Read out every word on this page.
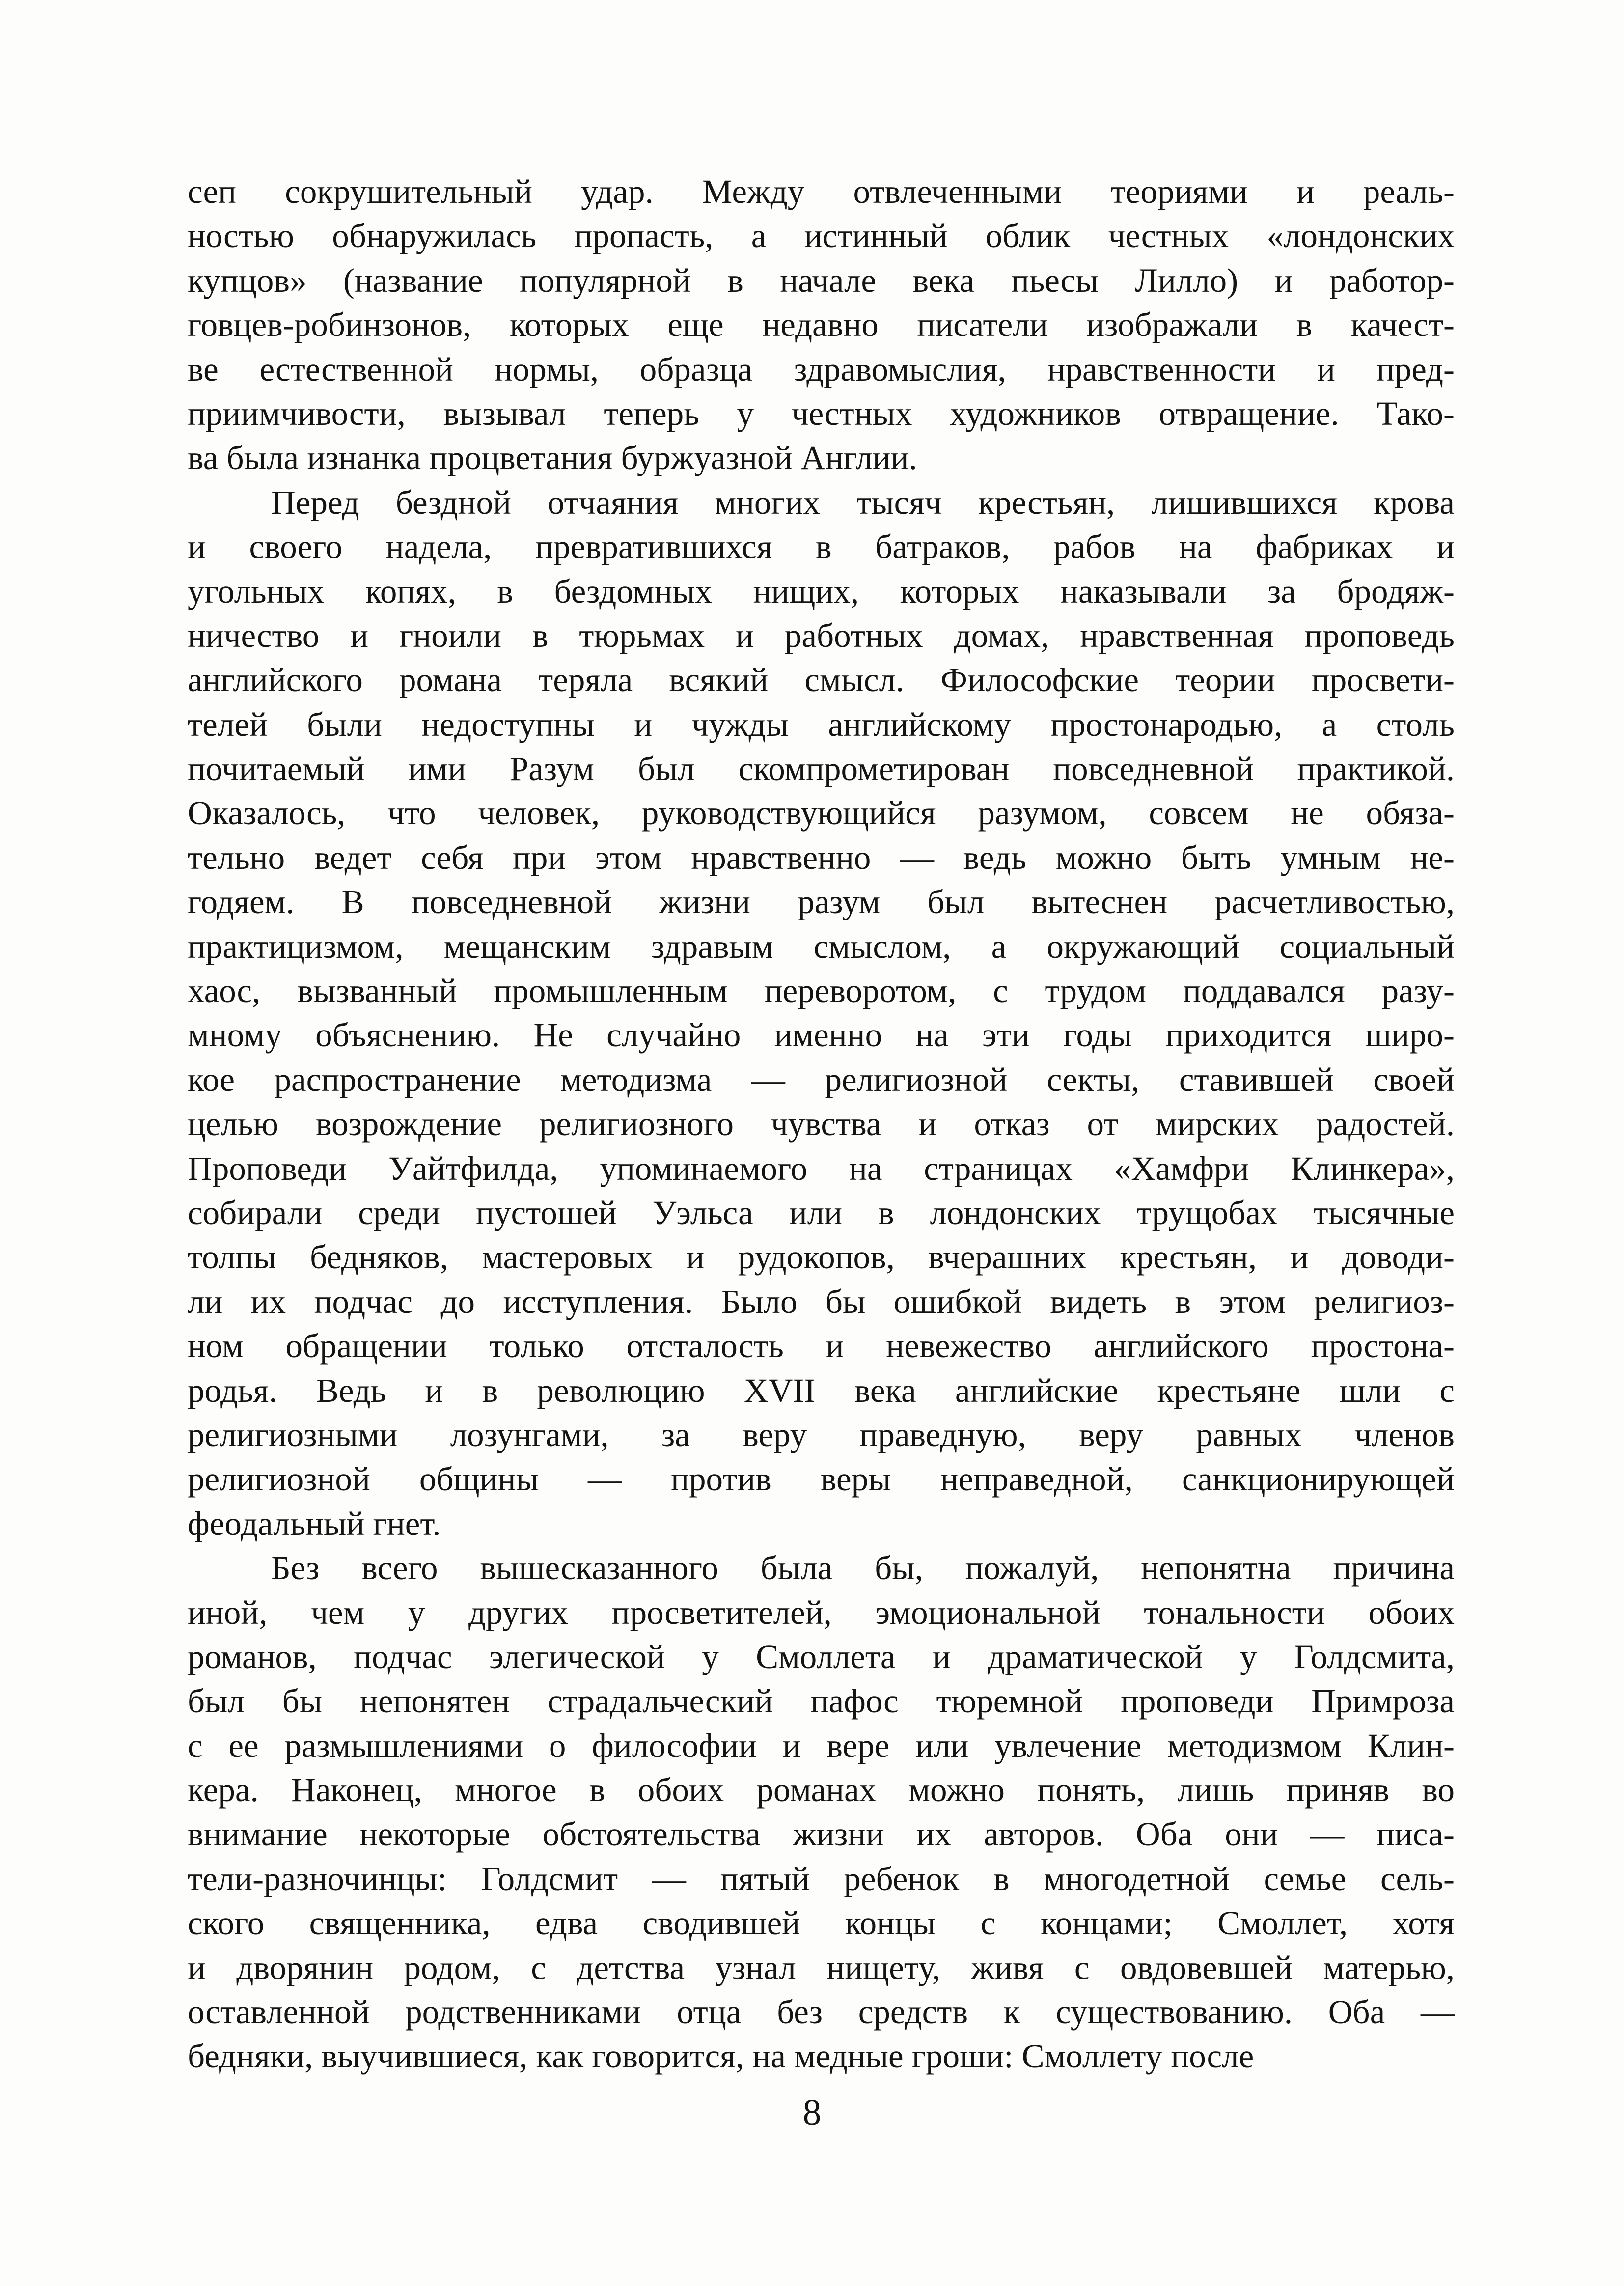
сеп сокрушительный удар. Между отвлеченными теориями и реаль-
ностью обнаружилась пропасть, а истинный облик честных «лондонских
купцов» (название популярной в начале века пьесы Лилло) и работор-
говцев-робинзонов, которых еще недавно писатели изображали в качест-
ве естественной нормы, образца здравомыслия, нравственности и пред-
приимчивости, вызывал теперь у честных художников отвращение. Тако-
ва была изнанка процветания буржуазной Англии.
Перед бездной отчаяния многих тысяч крестьян, лишившихся крова
и своего надела, превратившихся в батраков, рабов на фабриках и
угольных копях, в бездомных нищих, которых наказывали за бродяж-
ничество и гноили в тюрьмах и работных домах, нравственная проповедь
английского романа теряла всякий смысл. Философские теории просвети-
телей были недоступны и чужды английскому простонародью, а столь
почитаемый ими Разум был скомпрометирован повседневной практикой.
Оказалось, что человек, руководствующийся разумом, совсем не обяза-
тельно ведет себя при этом нравственно — ведь можно быть умным не-
годяем. В повседневной жизни разум был вытеснен расчетливостью,
практицизмом, мещанским здравым смыслом, а окружающий социальный
хаос, вызванный промышленным переворотом, с трудом поддавался разу-
мному объяснению. Не случайно именно на эти годы приходится широ-
кое распространение методизма — религиозной секты, ставившей своей
целью возрождение религиозного чувства и отказ от мирских радостей.
Проповеди Уайтфилда, упоминаемого на страницах «Хамфри Клинкера»,
собирали среди пустошей Уэльса или в лондонских трущобах тысячные
толпы бедняков, мастеровых и рудокопов, вчерашних крестьян, и доводи-
ли их подчас до исступления. Было бы ошибкой видеть в этом религиоз-
ном обращении только отсталость и невежество английского простона-
родья. Ведь и в революцию XVII века английские крестьяне шли с
религиозными лозунгами, за веру праведную, веру равных членов
религиозной общины — против веры неправедной, санкционирующей
феодальный гнет.
Без всего вышесказанного была бы, пожалуй, непонятна причина
иной, чем у других просветителей, эмоциональной тональности обоих
романов, подчас элегической у Смоллета и драматической у Голдсмита,
был бы непонятен страдальческий пафос тюремной проповеди Примроза
с ее размышлениями о философии и вере или увлечение методизмом Клин-
кера. Наконец, многое в обоих романах можно понять, лишь приняв во
внимание некоторые обстоятельства жизни их авторов. Оба они — писа-
тели-разночинцы: Голдсмит — пятый ребенок в многодетной семье сель-
ского священника, едва сводившей концы с концами; Смоллет, хотя
и дворянин родом, с детства узнал нищету, живя с овдовевшей матерью,
оставленной родственниками отца без средств к существованию. Оба —
бедняки, выучившиеся, как говорится, на медные гроши: Смоллету после
8
